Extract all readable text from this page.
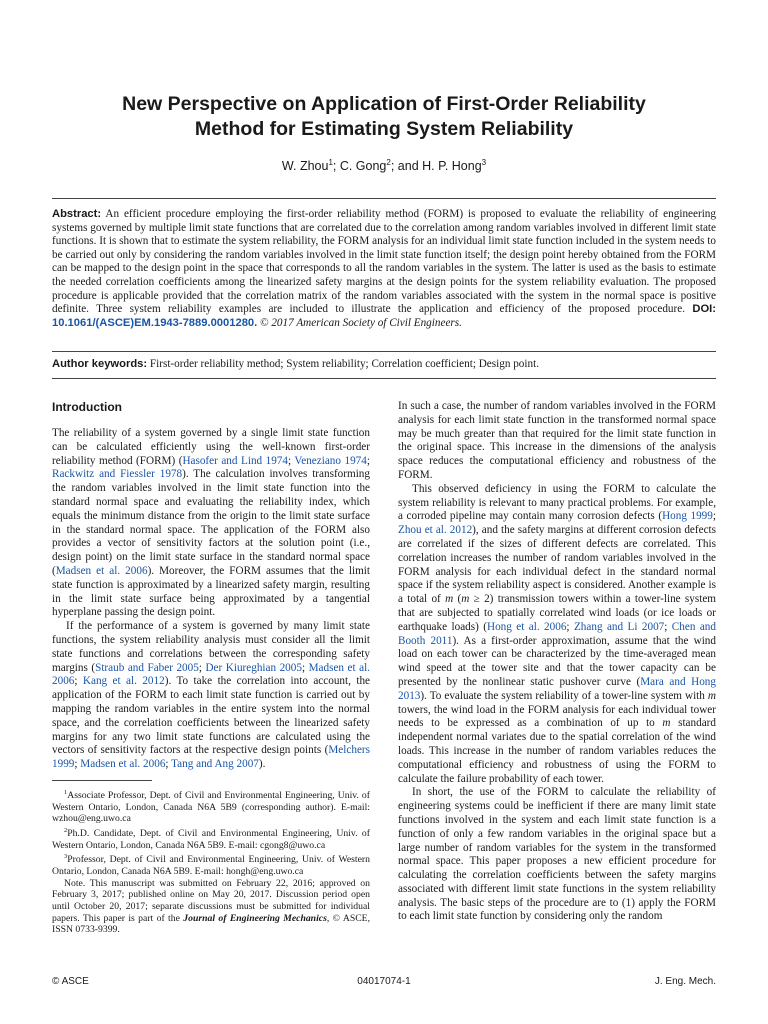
New Perspective on Application of First-Order Reliability
Method for Estimating System Reliability
W. Zhou$^1$; C. Gong$^2$; and H. P. Hong$^3$

Abstract: An efficient procedure employing the first-order reliability method (FORM) is proposed to evaluate the reliability of engineering systems governed by multiple limit state functions that are correlated due to the correlation among random variables involved in different limit state functions. It is shown that to estimate the system reliability, the FORM analysis for an individual limit state function included in the system needs to be carried out only by considering the random variables involved in the limit state function itself; the design point hereby obtained from the FORM can be mapped to the design point in the space that corresponds to all the random variables in the system. The latter is used as the basis to estimate the needed correlation coefficients among the linearized safety margins at the design points for the system reliability evaluation. The proposed procedure is applicable provided that the correlation matrix of the random variables associated with the system in the normal space is positive definite. Three system reliability examples are included to illustrate the application and efficiency of the proposed procedure. DOI: 10.1061/(ASCE)EM.1943-7889.0001280. © 2017 American Society of Civil Engineers.

Author keywords: First-order reliability method; System reliability; Correlation coefficient; Design point.
Introduction

The reliability of a system governed by a single limit state function can be calculated efficiently using the well-known first-order reliability method (FORM) (Hasofer and Lind 1974; Veneziano 1974; Rackwitz and Fiessler 1978). The calculation involves transforming the random variables involved in the limit state function into the standard normal space and evaluating the reliability index, which equals the minimum distance from the origin to the limit state surface in the standard normal space. The application of the FORM also provides a vector of sensitivity factors at the solution point (i.e., design point) on the limit state surface in the standard normal space (Madsen et al. 2006). Moreover, the FORM assumes that the limit state function is approximated by a linearized safety margin, resulting in the limit state surface being approximated by a tangential hyperplane passing the design point.

If the performance of a system is governed by many limit state functions, the system reliability analysis must consider all the limit state functions and correlations between the corresponding safety margins (Straub and Faber 2005; Der Kiureghian 2005; Madsen et al. 2006; Kang et al. 2012). To take the correlation into account, the application of the FORM to each limit state function is carried out by mapping the random variables in the entire system into the normal space, and the correlation coefficients between the linearized safety margins for any two limit state functions are calculated using the vectors of sensitivity factors at the respective design points (Melchers 1999; Madsen et al. 2006; Tang and Ang 2007).

$^1$Associate Professor, Dept. of Civil and Environmental Engineering, Univ. of Western Ontario, London, Canada N6A 5B9 (corresponding author). E-mail: wzhou@eng.uwo.ca

$^2$Ph.D. Candidate, Dept. of Civil and Environmental Engineering, Univ. of Western Ontario, London, Canada N6A 5B9. E-mail: cgong8@uwo.ca

$^3$Professor, Dept. of Civil and Environmental Engineering, Univ. of Western Ontario, London, Canada N6A 5B9. E-mail: hongh@eng.uwo.ca

Note. This manuscript was submitted on February 22, 2016; approved on February 3, 2017; published online on May 20, 2017. Discussion period open until October 20, 2017; separate discussions must be submitted for individual papers. This paper is part of the Journal of Engineering Mechanics, © ASCE, ISSN 0733-9399.

In such a case, the number of random variables involved in the FORM analysis for each limit state function in the transformed normal space may be much greater than that required for the limit state function in the original space. This increase in the dimensions of the analysis space reduces the computational efficiency and robustness of the FORM.

This observed deficiency in using the FORM to calculate the system reliability is relevant to many practical problems. For example, a corroded pipeline may contain many corrosion defects (Hong 1999; Zhou et al. 2012), and the safety margins at different corrosion defects are correlated if the sizes of different defects are correlated. This correlation increases the number of random variables involved in the FORM analysis for each individual defect in the standard normal space if the system reliability aspect is considered. Another example is a total of m (m ≥ 2) transmission towers within a tower-line system that are subjected to spatially correlated wind loads (or ice loads or earthquake loads) (Hong et al. 2006; Zhang and Li 2007; Chen and Booth 2011). As a first-order approximation, assume that the wind load on each tower can be characterized by the time-averaged mean wind speed at the tower site and that the tower capacity can be presented by the nonlinear static pushover curve (Mara and Hong 2013). To evaluate the system reliability of a tower-line system with m towers, the wind load in the FORM analysis for each individual tower needs to be expressed as a combination of up to m standard independent normal variates due to the spatial correlation of the wind loads. This increase in the number of random variables reduces the computational efficiency and robustness of using the FORM to calculate the failure probability of each tower.

In short, the use of the FORM to calculate the reliability of engineering systems could be inefficient if there are many limit state functions involved in the system and each limit state function is a function of only a few random variables in the original space but a large number of random variables for the system in the transformed normal space. This paper proposes a new efficient procedure for calculating the correlation coefficients between the safety margins associated with different limit state functions in the system reliability analysis. The basic steps of the procedure are to (1) apply the FORM to each limit state function by considering only the random

© ASCE	04017074-1	J. Eng. Mech.
